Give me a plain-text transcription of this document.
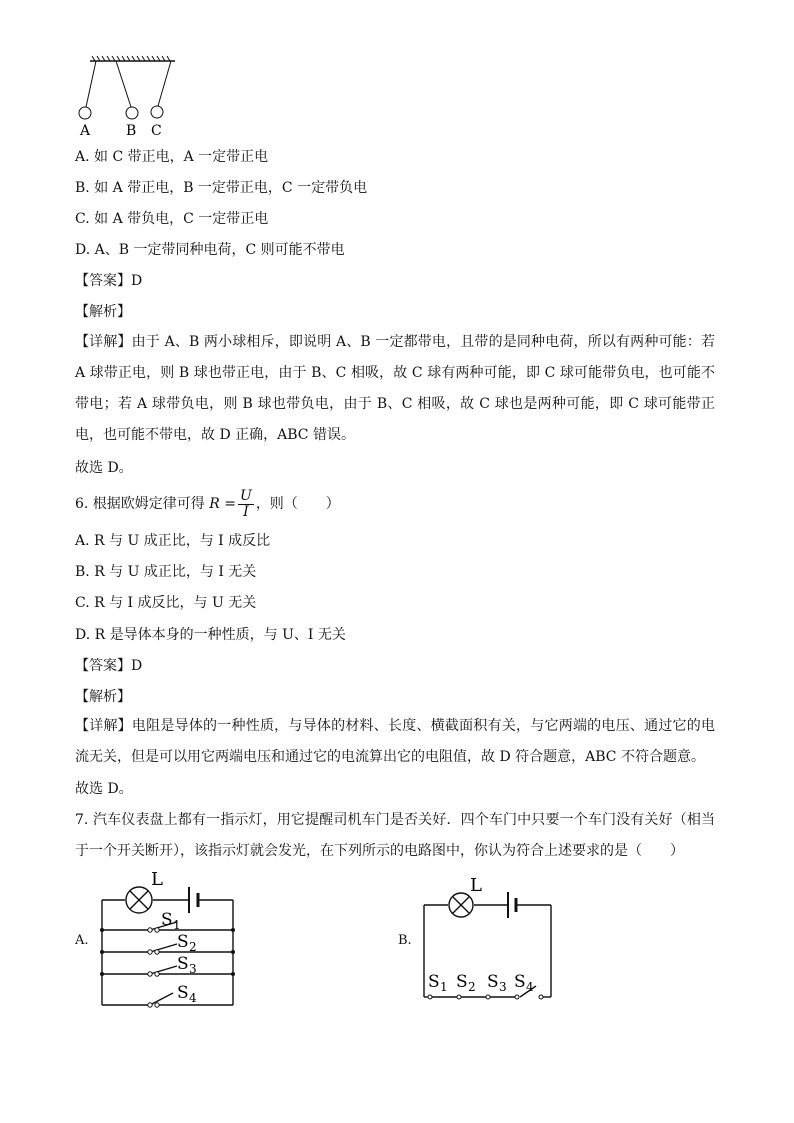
A	B C
A. 如 C 带正电，A 一定带正电
B. 如 A 带正电，B 一定带正电，C 一定带负电
C. 如 A 带负电，C 一定带正电
D. A、B 一定带同种电荷，C 则可能不带电
【答案】D
【解析】
【详解】由于 A、B 两小球相斥，即说明 A、B 一定都带电，且带的是同种电荷，所以有两种可能：若 A 球带正电，则 B 球也带正电，由于 B、C 相吸，故 C 球有两种可能，即 C 球可能带负电，也可能不带电；若 A 球带负电，则 B 球也带负电，由于 B、C 相吸，故 C 球也是两种可能，即 C 球可能带正电，也可能不带电，故 D 正确，ABC 错误。
故选 D。
6. 根据欧姆定律可得 $R = \frac{U}{I}$ ，则（　　）
A. R 与 U 成正比，与 I 成反比
B. R 与 U 成正比，与 I 无关
C. R 与 I 成反比，与 U 无关
D. R 是导体本身的一种性质，与 U、I 无关
【答案】D
【解析】
【详解】电阻是导体的一种性质，与导体的材料、长度、横截面积有关，与它两端的电压、通过它的电流无关，但是可以用它两端电压和通过它的电流算出它的电阻值，故 D 符合题意，ABC 不符合题意。
故选 D。
7. 汽车仪表盘上都有一指示灯，用它提醒司机车门是否关好．四个车门中只要一个车门没有关好（相当于一个开关断开），该指示灯就会发光，在下列所示的电路图中，你认为符合上述要求的是（　　）
A.	B.
L
S 1
S 2
S 3
S 4
L
S 1 S 2 S 3 S 4
